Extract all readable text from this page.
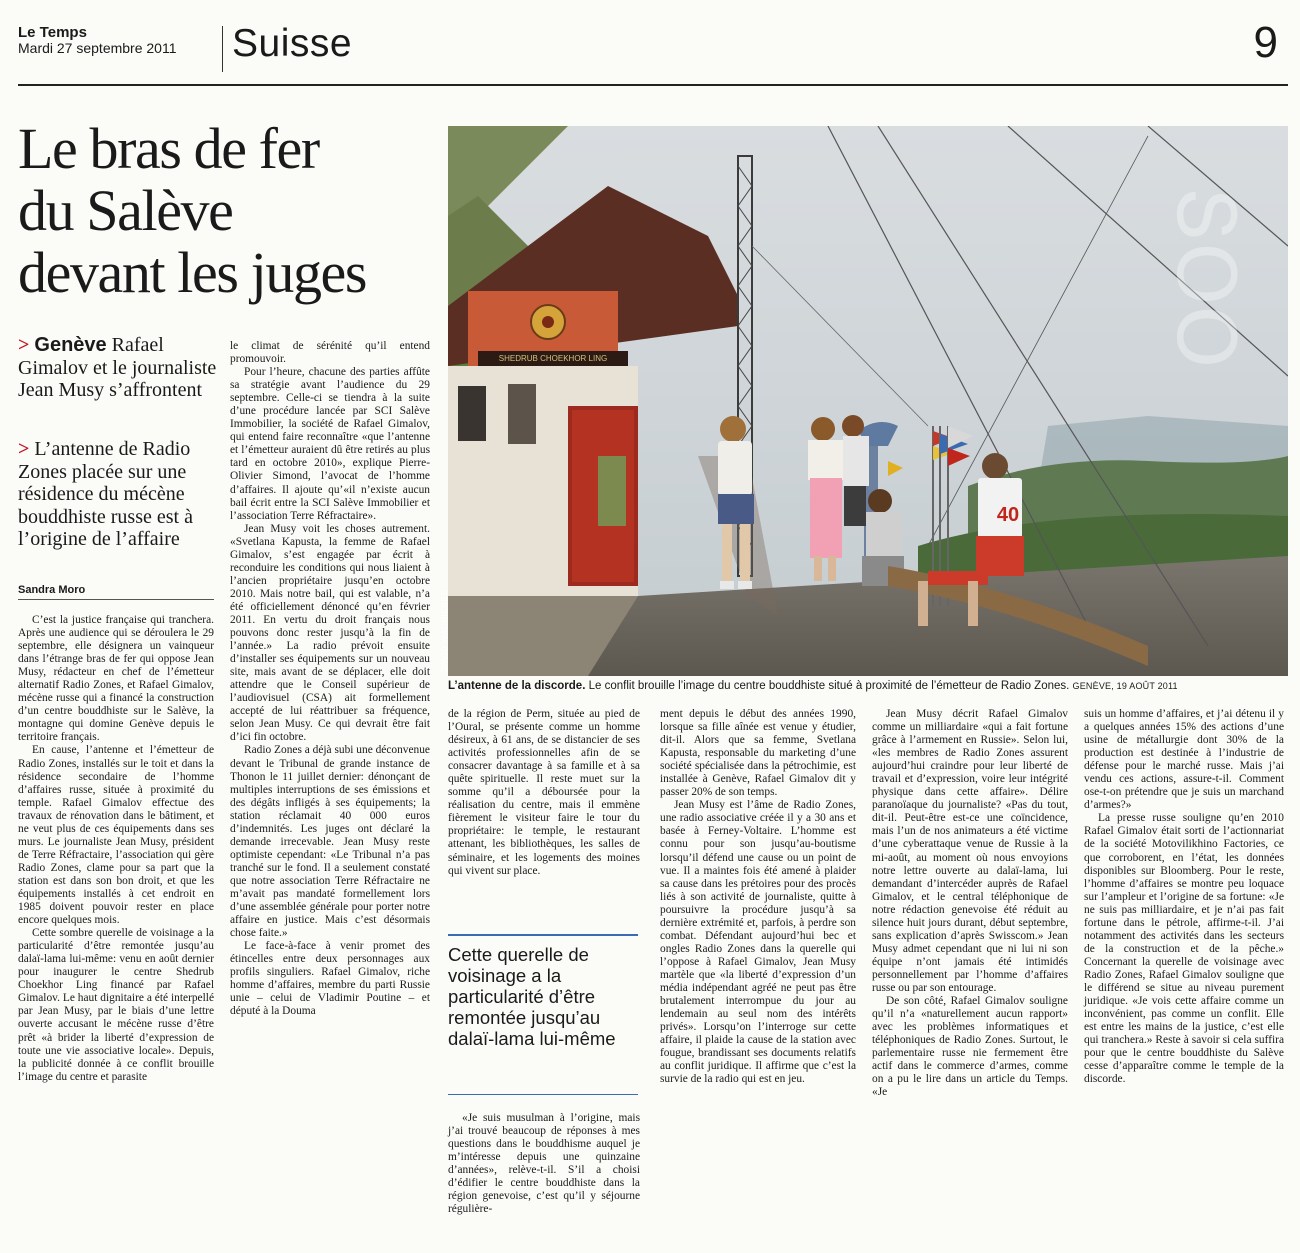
Le Temps
Mardi 27 septembre 2011 Suisse	9
Le bras de fer
du Salève
devant les juges
> Genève Rafael Gimalov et le journaliste Jean Musy s’affrontent
> L’antenne de Radio Zones placée sur une résidence du mécène bouddhiste russe est à l’origine de l’affaire
Sandra Moro

C’est la justice française qui tranchera. Après une audience qui se déroulera le 29 septembre, elle désignera un vainqueur dans l’étrange bras de fer qui oppose Jean Musy, rédacteur en chef de l’émetteur alternatif Radio Zones, et Rafael Gimalov, mécène russe qui a financé la construction d’un centre bouddhiste sur le Salève, la montagne qui domine Genève depuis le territoire français.

En cause, l’antenne et l’émetteur de Radio Zones, installés sur le toit et dans la résidence secondaire de l’homme d’affaires russe, située à proximité du temple. Rafael Gimalov effectue des travaux de rénovation dans le bâtiment, et ne veut plus de ces équipements dans ses murs. Le journaliste Jean Musy, président de Terre Réfractaire, l’association qui gère Radio Zones, clame pour sa part que la station est dans son bon droit, et que les équipements installés à cet endroit en 1985 doivent pouvoir rester en place encore quelques mois.

Cette sombre querelle de voisinage a la particularité d’être remontée jusqu’au dalaï-lama lui-même: venu en août dernier pour inaugurer le centre Shedrub Choekhor Ling financé par Rafael Gimalov. Le haut dignitaire a été interpellé par Jean Musy, par le biais d’une lettre ouverte accusant le mécène russe d’être prêt «à brider la liberté d’expression de toute une vie associative locale». Depuis, la publicité donnée à ce conflit brouille l’image du centre et parasite

le climat de sérénité qu’il entend promouvoir.

Pour l’heure, chacune des parties affûte sa stratégie avant l’audience du 29 septembre. Celle-ci se tiendra à la suite d’une procédure lancée par SCI Salève Immobilier, la société de Rafael Gimalov, qui entend faire reconnaître «que l’antenne et l’émetteur auraient dû être retirés au plus tard en octobre 2010», explique Pierre-Olivier Simond, l’avocat de l’homme d’affaires. Il ajoute qu’«il n’existe aucun bail écrit entre la SCI Salève Immobilier et l’association Terre Réfractaire».

Jean Musy voit les choses autrement. «Svetlana Kapusta, la femme de Rafael Gimalov, s’est engagée par écrit à reconduire les conditions qui nous liaient à l’ancien propriétaire jusqu’en octobre 2010. Mais notre bail, qui est valable, n’a été officiellement dénoncé qu’en février 2011. En vertu du droit français nous pouvons donc rester jusqu’à la fin de l’année.» La radio prévoit ensuite d’installer ses équipements sur un nouveau site, mais avant de se déplacer, elle doit attendre que le Conseil supérieur de l’audiovisuel (CSA) ait formellement accepté de lui réattribuer sa fréquence, selon Jean Musy. Ce qui devrait être fait d’ici fin octobre.

Radio Zones a déjà subi une déconvenue devant le Tribunal de grande instance de Thonon le 11 juillet dernier: dénonçant de multiples interruptions de ses émissions et des dégâts infligés à ses équipements; la station réclamait 40 000 euros d’indemnités. Les juges ont déclaré la demande irrecevable. Jean Musy reste optimiste cependant: «Le Tribunal n’a pas tranché sur le fond. Il a seulement constaté que notre association Terre Réfractaire ne m’avait pas mandaté formellement lors d’une assemblée générale pour porter notre affaire en justice. Mais c’est désormais chose faite.»

Le face-à-face à venir promet des étincelles entre deux personnages aux profils singuliers. Rafael Gimalov, riche homme d’affaires, membre du parti Russie unie – celui de Vladimir Poutine – et député à la Douma

SHEDRUB CHOEKHOR LING
40
ՏՕՕ
DAVID WAGNIÈRES
L’antenne de la discorde. Le conflit brouille l’image du centre bouddhiste situé à proximité de l’émetteur de Radio Zones. GENÈVE, 19 AOÛT 2011

de la région de Perm, située au pied de l’Oural, se présente comme un homme désireux, à 61 ans, de se distancier de ses activités professionnelles afin de se consacrer davantage à sa famille et à sa quête spirituelle. Il reste muet sur la somme qu’il a déboursée pour la réalisation du centre, mais il emmène fièrement le visiteur faire le tour du propriétaire: le temple, le restaurant attenant, les bibliothèques, les salles de séminaire, et les logements des moines qui vivent sur place.

Cette querelle de voisinage a la particularité d’être remontée jusqu’au dalaï-lama lui-même

«Je suis musulman à l’origine, mais j’ai trouvé beaucoup de réponses à mes questions dans le bouddhisme auquel je m’intéresse depuis une quinzaine d’années», relève-t-il. S’il a choisi d’édifier le centre bouddhiste dans la région genevoise, c’est qu’il y séjourne régulière-

ment depuis le début des années 1990, lorsque sa fille aînée est venue y étudier, dit-il. Alors que sa femme, Svetlana Kapusta, responsable du marketing d’une société spécialisée dans la pétrochimie, est installée à Genève, Rafael Gimalov dit y passer 20% de son temps.

Jean Musy est l’âme de Radio Zones, une radio associative créée il y a 30 ans et basée à Ferney-Voltaire. L’homme est connu pour son jusqu’au-boutisme lorsqu’il défend une cause ou un point de vue. Il a maintes fois été amené à plaider sa cause dans les prétoires pour des procès liés à son activité de journaliste, quitte à poursuivre la procédure jusqu’à sa dernière extrémité et, parfois, à perdre son combat. Défendant aujourd’hui bec et ongles Radio Zones dans la querelle qui l’oppose à Rafael Gimalov, Jean Musy martèle que «la liberté d’expression d’un média indépendant agréé ne peut pas être brutalement interrompue du jour au lendemain au seul nom des intérêts privés». Lorsqu’on l’interroge sur cette affaire, il plaide la cause de la station avec fougue, brandissant ses documents relatifs au conflit juridique. Il affirme que c’est la survie de la radio qui est en jeu.

Jean Musy décrit Rafael Gimalov comme un milliardaire «qui a fait fortune grâce à l’armement en Russie». Selon lui, «les membres de Radio Zones assurent aujourd’hui craindre pour leur liberté de travail et d’expression, voire leur intégrité physique dans cette affaire». Délire paranoïaque du journaliste? «Pas du tout, dit-il. Peut-être est-ce une coïncidence, mais l’un de nos animateurs a été victime d’une cyberattaque venue de Russie à la mi-août, au moment où nous envoyions notre lettre ouverte au dalaï-lama, lui demandant d’intercéder auprès de Rafael Gimalov, et le central téléphonique de notre rédaction genevoise été réduit au silence huit jours durant, début septembre, sans explication d’après Swisscom.» Jean Musy admet cependant que ni lui ni son équipe n’ont jamais été intimidés personnellement par l’homme d’affaires russe ou par son entourage.

De son côté, Rafael Gimalov souligne qu’il n’a «naturellement aucun rapport» avec les problèmes informatiques et téléphoniques de Radio Zones. Surtout, le parlementaire russe nie fermement être actif dans le commerce d’armes, comme on a pu le lire dans un article du Temps. «Je

suis un homme d’affaires, et j’ai détenu il y a quelques années 15% des actions d’une usine de métallurgie dont 30% de la production est destinée à l’industrie de défense pour le marché russe. Mais j’ai vendu ces actions, assure-t-il. Comment ose-t-on prétendre que je suis un marchand d’armes?»

La presse russe souligne qu’en 2010 Rafael Gimalov était sorti de l’actionnariat de la société Motovilikhino Factories, ce que corroborent, en l’état, les données disponibles sur Bloomberg. Pour le reste, l’homme d’affaires se montre peu loquace sur l’ampleur et l’origine de sa fortune: «Je ne suis pas milliardaire, et je n’ai pas fait fortune dans le pétrole, affirme-t-il. J’ai notamment des activités dans les secteurs de la construction et de la pêche.» Concernant la querelle de voisinage avec Radio Zones, Rafael Gimalov souligne que le différend se situe au niveau purement juridique. «Je vois cette affaire comme un inconvénient, pas comme un conflit. Elle est entre les mains de la justice, c’est elle qui tranchera.» Reste à savoir si cela suffira pour que le centre bouddhiste du Salève cesse d’apparaître comme le temple de la discorde.
